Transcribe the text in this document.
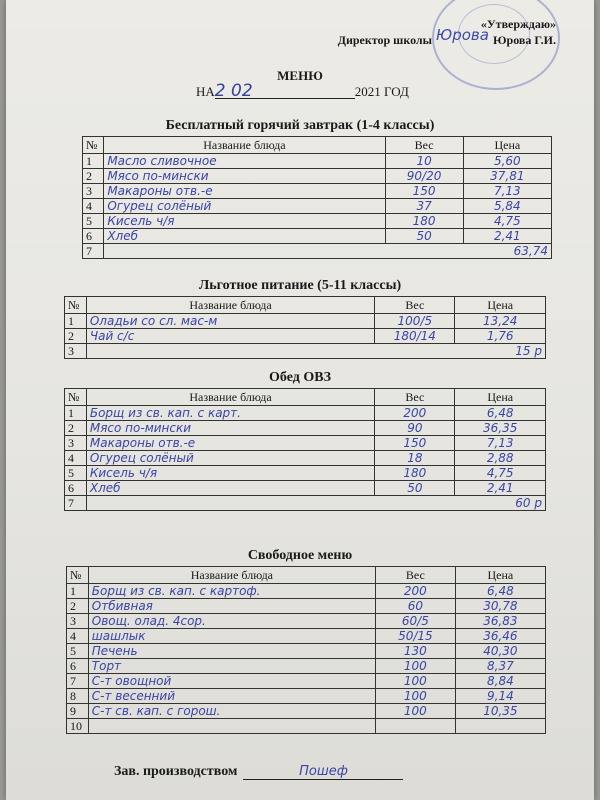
Юрова
«Утверждаю»
Директор школы	Юрова Г.И.
МЕНЮ
НА2 02	2021 ГОД
Бесплатный горячий завтрак (1-4 классы)
№	Название блюда	Вес	Цена
1	Масло сливочное	10	5,60
2	Мясо по-мински	90/20	37,81
3	Макароны отв.-е	150	7,13
4	Огурец солёный	37	5,84
5	Кисель ч/я	180	4,75
6	Хлеб	50	2,41
7	63,74		
Льготное питание (5-11 классы)
№	Название блюда	Вес	Цена
1	Оладьи со сл. мас-м	100/5	13,24
2	Чай с/с	180/14	1,76
3	15 р		
Обед ОВЗ
№	Название блюда	Вес	Цена
1	Борщ из св. кап. с карт.	200	6,48
2	Мясо по-мински	90	36,35
3	Макароны отв.-е	150	7,13
4	Огурец солёный	18	2,88
5	Кисель ч/я	180	4,75
6	Хлеб	50	2,41
7	60 р		
Свободное меню
№	Название блюда	Вес	Цена
1	Борщ из св. кап. с картоф.	200	6,48
2	Отбивная	60	30,78
3	Овощ. олад. 4сор.	60/5	36,83
4	шашлык	50/15	36,46
5	Печень	130	40,30
6	Торт	100	8,37
7	С-т овощной	100	8,84
8	С-т весенний	100	9,14
9	С-т св. кап. с горош.	100	10,35
10			
Зав. производством	Пошеф
